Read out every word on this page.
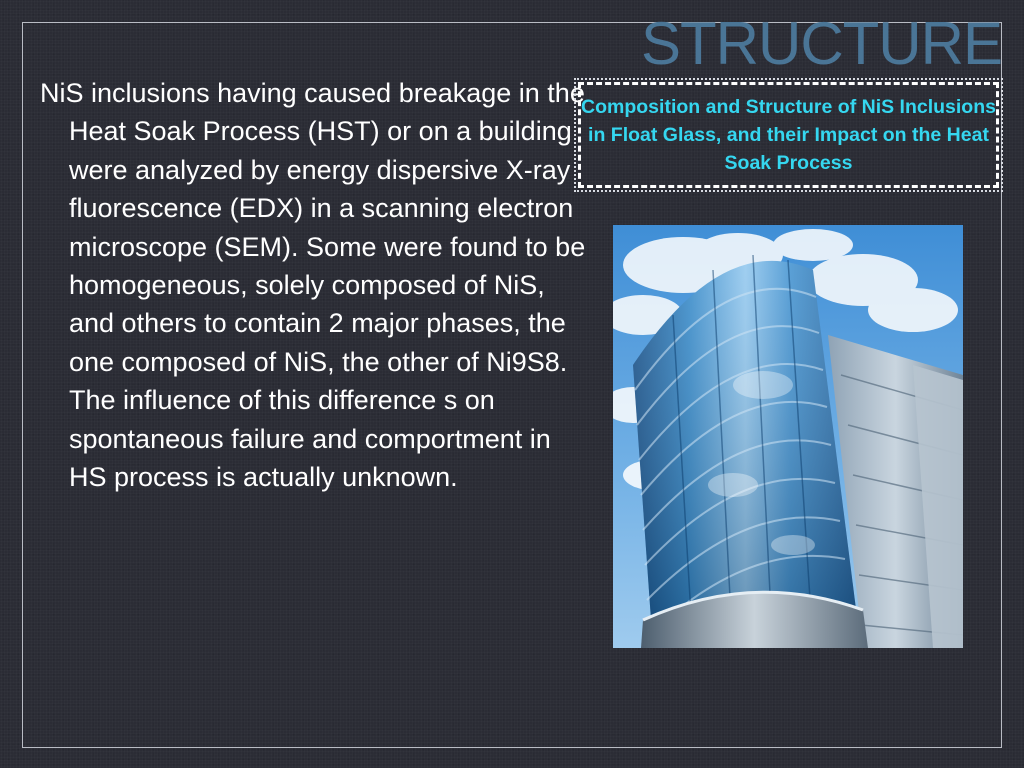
STRUCTURE

NiS inclusions having caused breakage in the Heat Soak Process (HST) or on a building were analyzed by energy dispersive X-ray fluorescence (EDX) in a scanning electron microscope (SEM). Some were found to be homogeneous, solely composed of NiS, and others to contain 2 major phases, the one composed of NiS, the other of Ni9S8. The influence of this difference s on spontaneous failure and comportment in HS process is actually unknown.

Composition and Structure of NiS Inclusions in Float Glass, and their Impact on the Heat Soak Process
